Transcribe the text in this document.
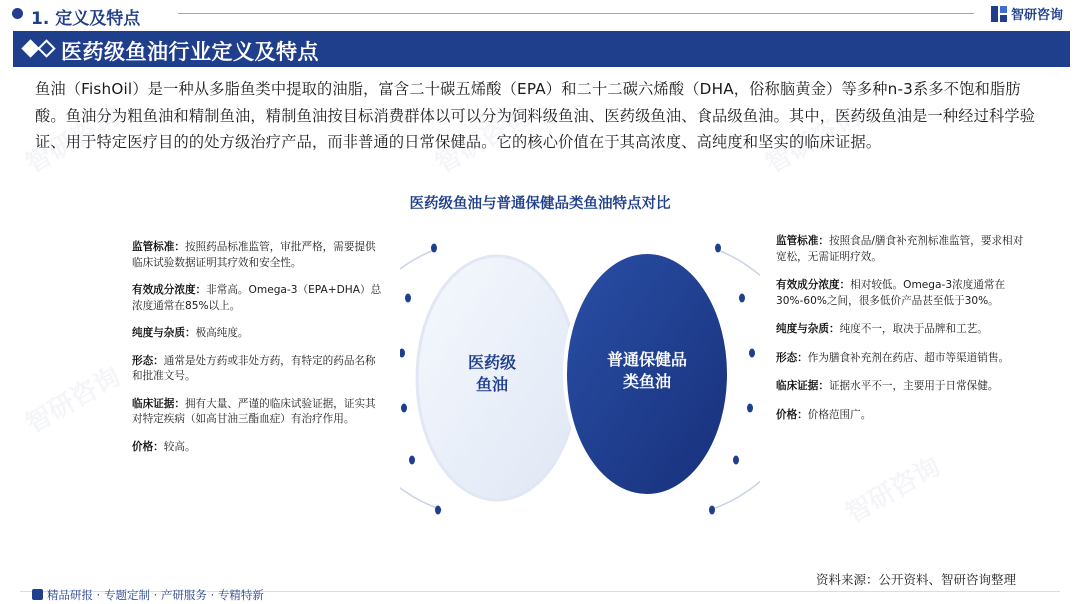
智研咨询
智研咨询
智研咨询	智研咨询
智研咨询
1. 定义及特点	智研咨询
医药级鱼油行业定义及特点
鱼油（FishOil）是一种从多脂鱼类中提取的油脂，富含二十碳五烯酸（EPA）和二十二碳六烯酸（DHA，俗称脑黄金）等多种n-3系多不饱和脂肪酸。鱼油分为粗鱼油和精制鱼油，精制鱼油按目标消费群体以可以分为饲料级鱼油、医药级鱼油、食品级鱼油。其中，医药级鱼油是一种经过科学验证、用于特定医疗目的的处方级治疗产品，而非普通的日常保健品。它的核心价值在于其高浓度、高纯度和坚实的临床证据。
医药级鱼油与普通保健品类鱼油特点对比
监管标准：按照药品标准监管，审批严格，需要提供临床试验数据证明其疗效和安全性。
有效成分浓度：非常高。Omega-3（EPA+DHA）总浓度通常在85%以上。
纯度与杂质：极高纯度。
形态：通常是处方药或非处方药，有特定的药品名称和批准文号。
临床证据：拥有大量、严谨的临床试验证据，证实其对特定疾病（如高甘油三酯血症）有治疗作用。
价格：较高。
医药级
鱼油
普通保健品
类鱼油
监管标准：按照食品/膳食补充剂标准监管，要求相对宽松，无需证明疗效。
有效成分浓度：相对较低。Omega-3浓度通常在30%-60%之间，很多低价产品甚至低于30%。
纯度与杂质：纯度不一，取决于品牌和工艺。
形态：作为膳食补充剂在药店、超市等渠道销售。
临床证据：证据水平不一，主要用于日常保健。
价格：价格范围广。
资料来源：公开资料、智研咨询整理
精品研报 · 专题定制 · 产研服务 · 专精特新
